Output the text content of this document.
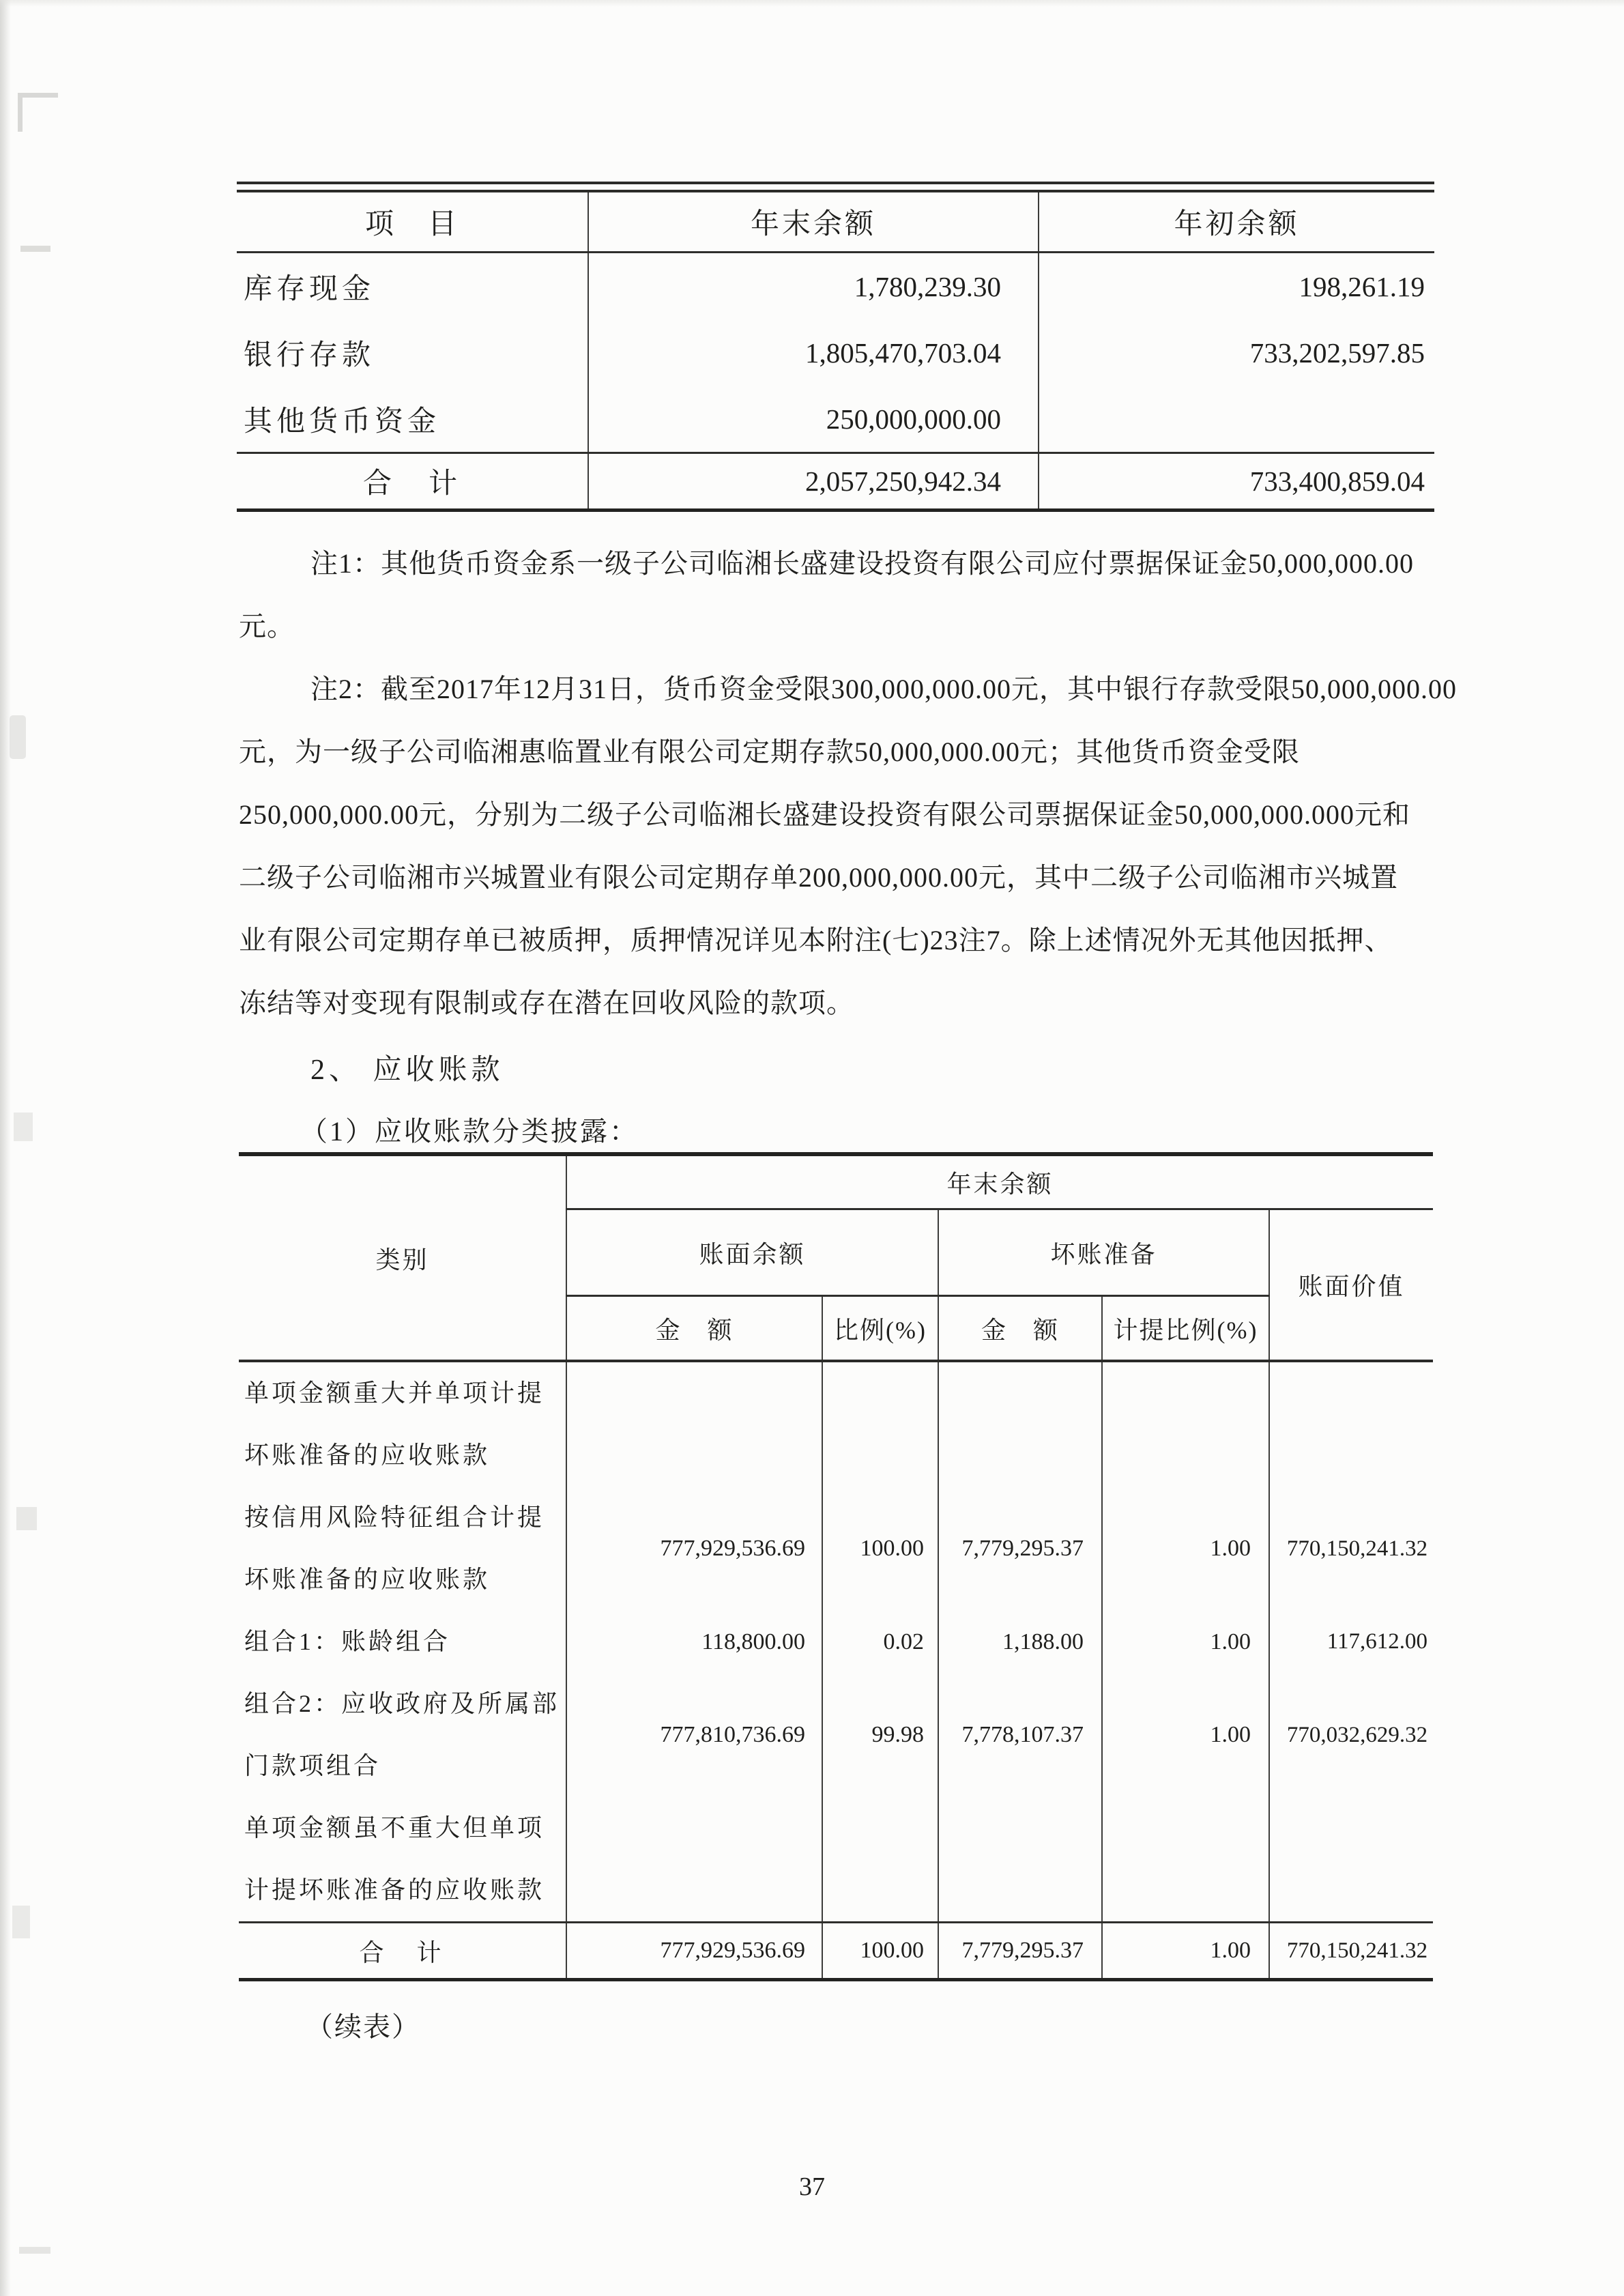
项　目	年末余额	年初余额
库存现金	1,780,239.30	198,261.19
银行存款	1,805,470,703.04	733,202,597.85
其他货币资金	250,000,000.00	
合　计	2,057,250,942.34	733,400,859.04
注1：其他货币资金系一级子公司临湘长盛建设投资有限公司应付票据保证金50,000,000.00
元。
注2：截至2017年12月31日，货币资金受限300,000,000.00元，其中银行存款受限50,000,000.00
元，为一级子公司临湘惠临置业有限公司定期存款50,000,000.00元；其他货币资金受限
250,000,000.00元，分别为二级子公司临湘长盛建设投资有限公司票据保证金50,000,000.000元和
二级子公司临湘市兴城置业有限公司定期存单200,000,000.00元，其中二级子公司临湘市兴城置
业有限公司定期存单已被质押，质押情况详见本附注(七)23注7。除上述情况外无其他因抵押、
冻结等对变现有限制或存在潜在回收风险的款项。
2、 应收账款
（1）应收账款分类披露：
类别	年末余额				
	账面余额		坏账准备		账面价值
	金　额	比例(%)	金　额	计提比例(%)	

单项金额重大并单项计提
坏账准备的应收账款					

按信用风险特征组合计提
坏账准备的应收账款	777,929,536.69	100.00	7,779,295.37	1.00	770,150,241.32

组合1：账龄组合	118,800.00	0.02	1,188.00	1.00	117,612.00

组合2：应收政府及所属部
门款项组合	777,810,736.69	99.98	7,778,107.37	1.00	770,032,629.32

单项金额虽不重大但单项
计提坏账准备的应收账款					

合　计	777,929,536.69	100.00	7,779,295.37	1.00	770,150,241.32
（续表）
37
